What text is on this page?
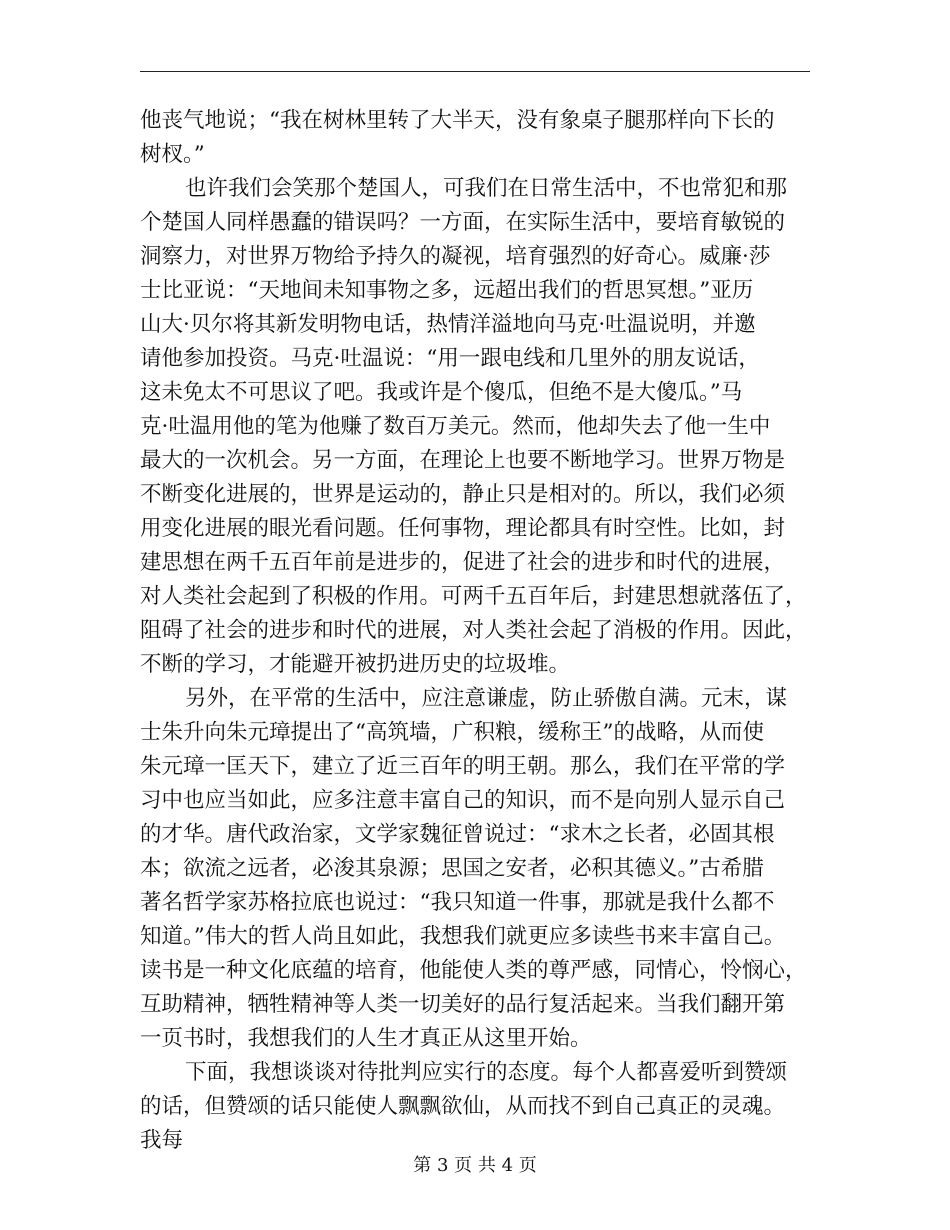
他丧气地说；“我在树林里转了大半天，没有象桌子腿那样向下长的
树杈。”
也许我们会笑那个楚国人，可我们在日常生活中，不也常犯和那
个楚国人同样愚蠢的错误吗？一方面，在实际生活中，要培育敏锐的
洞察力，对世界万物给予持久的凝视，培育强烈的好奇心。威廉·莎
士比亚说：“天地间未知事物之多，远超出我们的哲思冥想。”亚历
山大·贝尔将其新发明物电话，热情洋溢地向马克·吐温说明，并邀
请他参加投资。马克·吐温说：“用一跟电线和几里外的朋友说话，
这未免太不可思议了吧。我或许是个傻瓜，但绝不是大傻瓜。”马
克·吐温用他的笔为他赚了数百万美元。然而，他却失去了他一生中
最大的一次机会。另一方面，在理论上也要不断地学习。世界万物是
不断变化进展的，世界是运动的，静止只是相对的。所以，我们必须
用变化进展的眼光看问题。任何事物，理论都具有时空性。比如，封
建思想在两千五百年前是进步的，促进了社会的进步和时代的进展，
对人类社会起到了积极的作用。可两千五百年后，封建思想就落伍了，
阻碍了社会的进步和时代的进展，对人类社会起了消极的作用。因此，
不断的学习，才能避开被扔进历史的垃圾堆。
另外，在平常的生活中，应注意谦虚，防止骄傲自满。元末，谋
士朱升向朱元璋提出了“高筑墙，广积粮，缓称王”的战略，从而使
朱元璋一匡天下，建立了近三百年的明王朝。那么，我们在平常的学
习中也应当如此，应多注意丰富自己的知识，而不是向别人显示自己
的才华。唐代政治家，文学家魏征曾说过：“求木之长者，必固其根
本；欲流之远者，必浚其泉源；思国之安者，必积其德义。”古希腊
著名哲学家苏格拉底也说过：“我只知道一件事，那就是我什么都不
知道。”伟大的哲人尚且如此，我想我们就更应多读些书来丰富自己。
读书是一种文化底蕴的培育，他能使人类的尊严感，同情心，怜悯心，
互助精神，牺牲精神等人类一切美好的品行复活起来。当我们翻开第
一页书时，我想我们的人生才真正从这里开始。
下面，我想谈谈对待批判应实行的态度。每个人都喜爱听到赞颂
的话，但赞颂的话只能使人飘飘欲仙，从而找不到自己真正的灵魂。
我每
第 3 页 共 4 页
